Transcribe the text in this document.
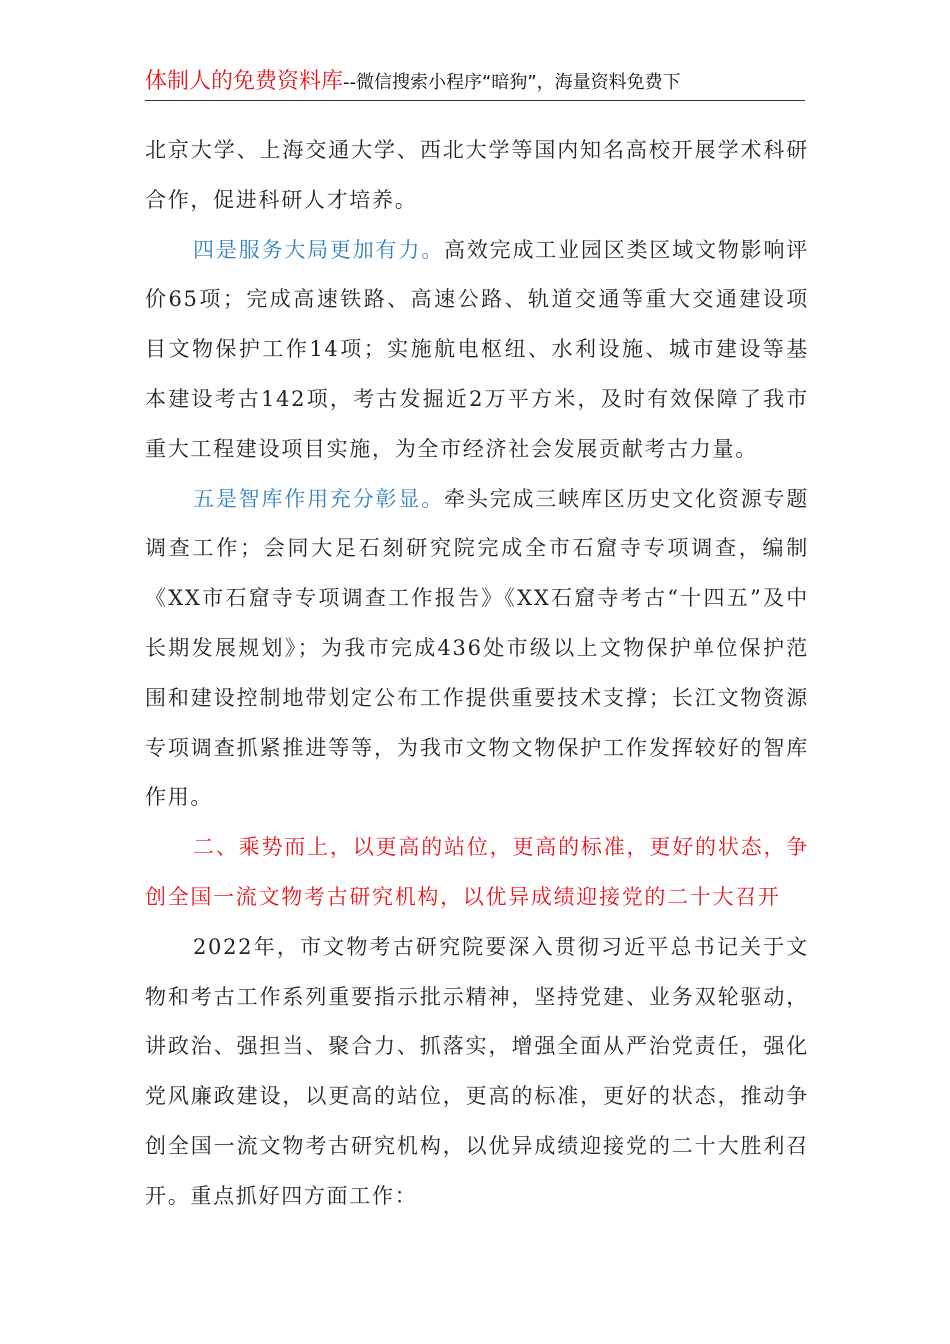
体制人的免费资料库--微信搜索小程序“暗狗”，海量资料免费下

北京大学、上海交通大学、西北大学等国内知名高校开展学术科研合作，促进科研人才培养。

四是服务大局更加有力。高效完成工业园区类区域文物影响评价65项；完成高速铁路、高速公路、轨道交通等重大交通建设项目文物保护工作14项；实施航电枢纽、水利设施、城市建设等基本建设考古142项，考古发掘近2万平方米，及时有效保障了我市重大工程建设项目实施，为全市经济社会发展贡献考古力量。

五是智库作用充分彰显。牵头完成三峡库区历史文化资源专题调查工作；会同大足石刻研究院完成全市石窟寺专项调查，编制《XX市石窟寺专项调查工作报告》《XX石窟寺考古“十四五”及中长期发展规划》；为我市完成436处市级以上文物保护单位保护范围和建设控制地带划定公布工作提供重要技术支撑；长江文物资源专项调查抓紧推进等等，为我市文物文物保护工作发挥较好的智库作用。

二、乘势而上，以更高的站位，更高的标准，更好的状态，争创全国一流文物考古研究机构，以优异成绩迎接党的二十大召开

2022年，市文物考古研究院要深入贯彻习近平总书记关于文物和考古工作系列重要指示批示精神，坚持党建、业务双轮驱动，讲政治、强担当、聚合力、抓落实，增强全面从严治党责任，强化党风廉政建设，以更高的站位，更高的标准，更好的状态，推动争创全国一流文物考古研究机构，以优异成绩迎接党的二十大胜利召开。重点抓好四方面工作：
